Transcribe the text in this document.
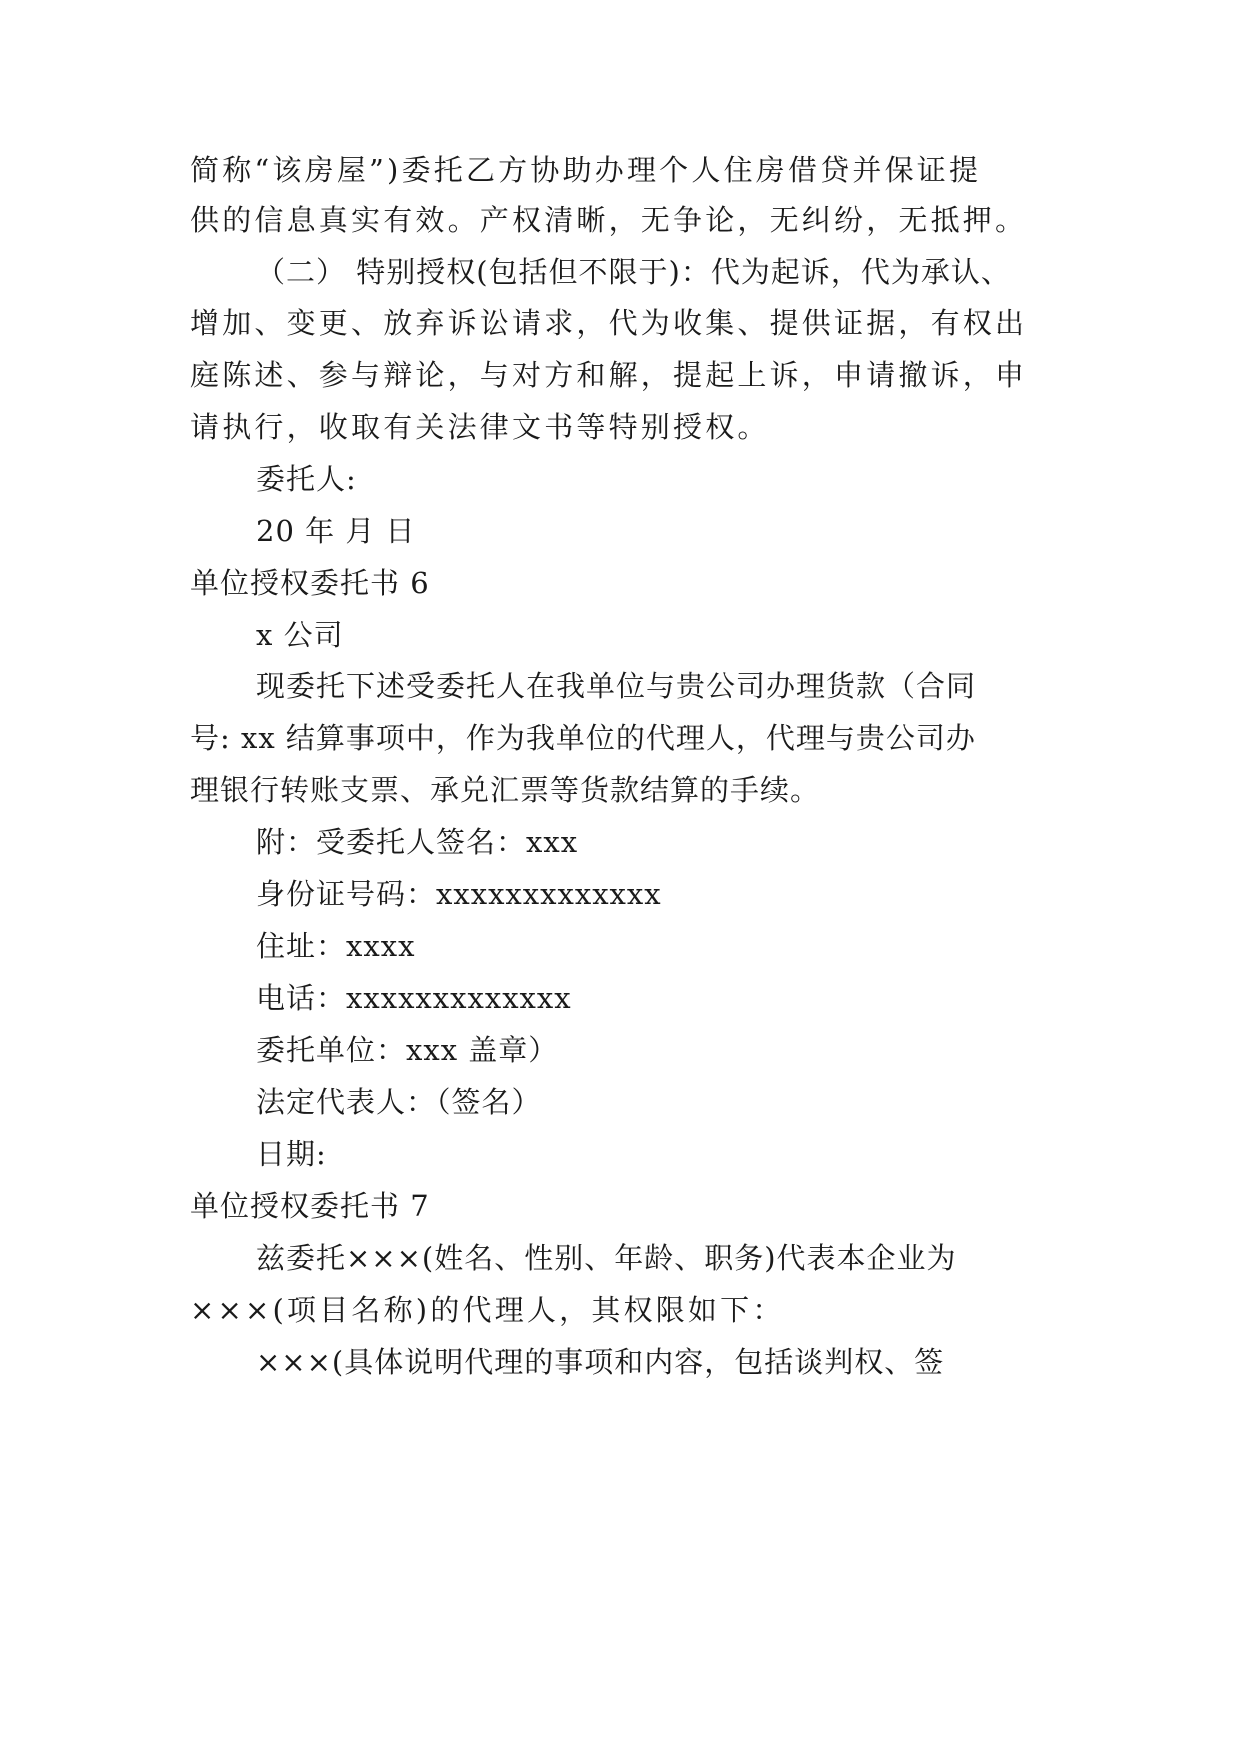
简称“该房屋”)委托乙方协助办理个人住房借贷并保证提
供的信息真实有效。产权清晰，无争论，无纠纷，无抵押。
（二） 特别授权(包括但不限于)：代为起诉，代为承认、
增加、变更、放弃诉讼请求，代为收集、提供证据，有权出
庭陈述、参与辩论，与对方和解，提起上诉，申请撤诉，申
请执行，收取有关法律文书等特别授权。
委托人:
20 年 月 日
单位授权委托书 6
x 公司
现委托下述受委托人在我单位与贵公司办理货款（合同
号: xx 结算事项中，作为我单位的代理人，代理与贵公司办
理银行转账支票、承兑汇票等货款结算的手续。
附：受委托人签名：xxx
身份证号码：xxxxxxxxxxxxx
住址：xxxx
电话：xxxxxxxxxxxxx
委托单位：xxx 盖章）
法定代表人：（签名）
日期:
单位授权委托书 7
兹委托×××(姓名、性别、年龄、职务)代表本企业为
×××(项目名称)的代理人，其权限如下：
×××(具体说明代理的事项和内容，包括谈判权、签
